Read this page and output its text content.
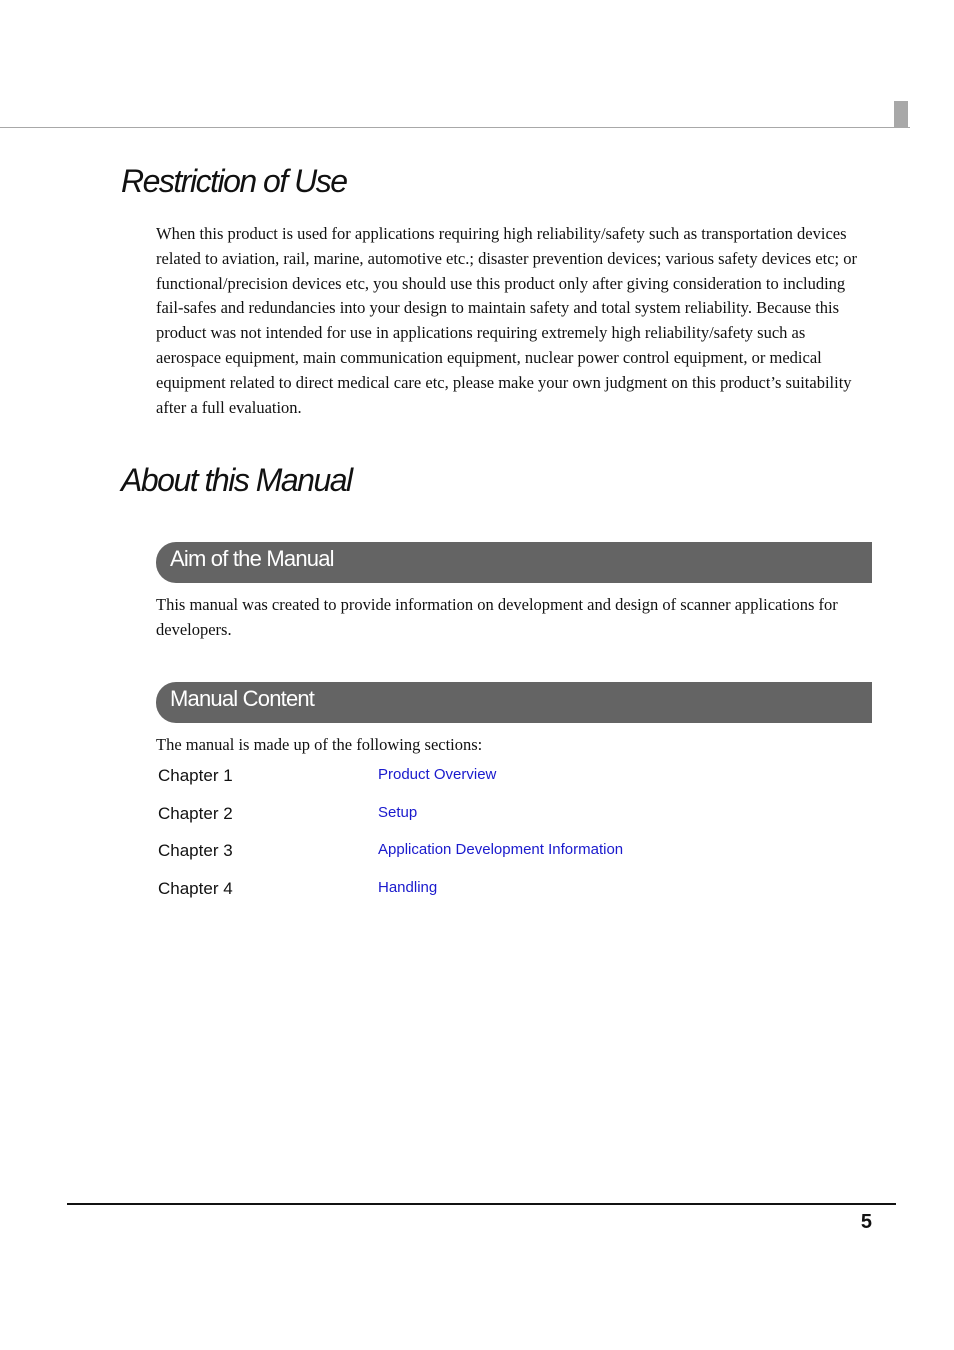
Restriction of Use

When this product is used for applications requiring high reliability/safety such as transportation devices related to aviation, rail, marine, automotive etc.; disaster prevention devices; various safety devices etc; or functional/precision devices etc, you should use this product only after giving consideration to including fail-safes and redundancies into your design to maintain safety and total system reliability. Because this product was not intended for use in applications requiring extremely high reliability/safety such as aerospace equipment, main communication equipment, nuclear power control equipment, or medical equipment related to direct medical care etc, please make your own judgment on this product’s suitability after a full evaluation.

About this Manual
Aim of the Manual

This manual was created to provide information on development and design of scanner applications for developers.

Manual Content

The manual is made up of the following sections:

Chapter 1	Product Overview
Chapter 2	Setup
Chapter 3	Application Development Information
Chapter 4	Handling
5
